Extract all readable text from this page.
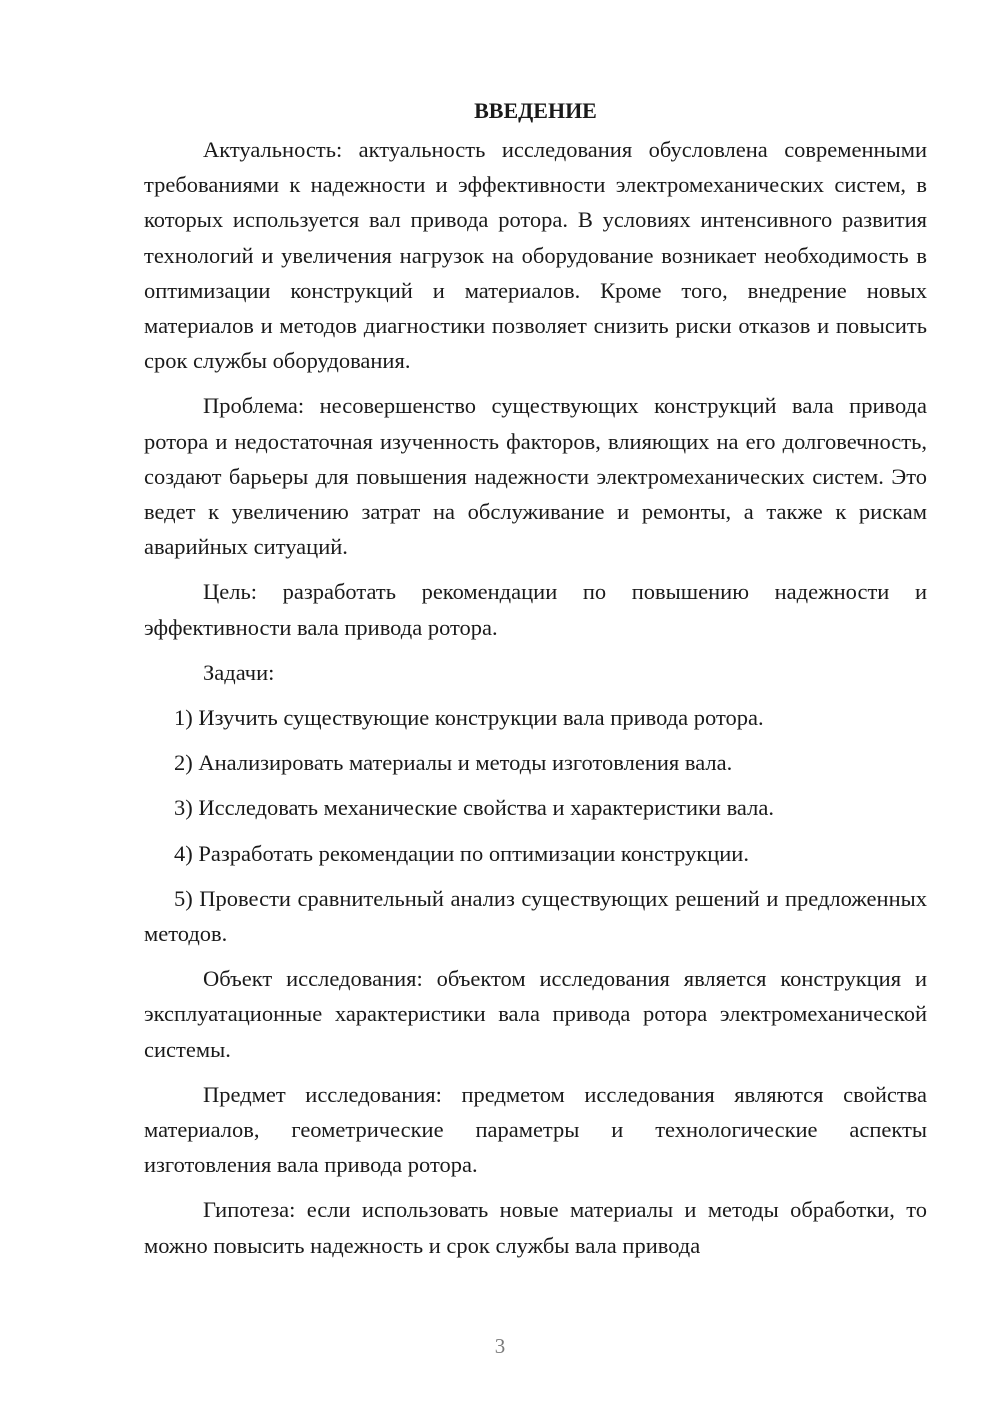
ВВЕДЕНИЕ

Актуальность: актуальность исследования обусловлена современными требованиями к надежности и эффективности электромеханических систем, в которых используется вал привода ротора. В условиях интенсивного развития технологий и увеличения нагрузок на оборудование возникает необходимость в оптимизации конструкций и материалов. Кроме того, внедрение новых материалов и методов диагностики позволяет снизить риски отказов и повысить срок службы оборудования.

Проблема: несовершенство существующих конструкций вала привода ротора и недостаточная изученность факторов, влияющих на его долговечность, создают барьеры для повышения надежности электромеханических систем. Это ведет к увеличению затрат на обслуживание и ремонты, а также к рискам аварийных ситуаций.

Цель: разработать рекомендации по повышению надежности и эффективности вала привода ротора.

Задачи:

1) Изучить существующие конструкции вала привода ротора.

2) Анализировать материалы и методы изготовления вала.

3) Исследовать механические свойства и характеристики вала.

4) Разработать рекомендации по оптимизации конструкции.

5) Провести сравнительный анализ существующих решений и предложенных методов.

Объект исследования: объектом исследования является конструкция и эксплуатационные характеристики вала привода ротора электромеханической системы.

Предмет исследования: предметом исследования являются свойства материалов, геометрические параметры и технологические аспекты изготовления вала привода ротора.

Гипотеза: если использовать новые материалы и методы обработки, то можно повысить надежность и срок службы вала привода

3
